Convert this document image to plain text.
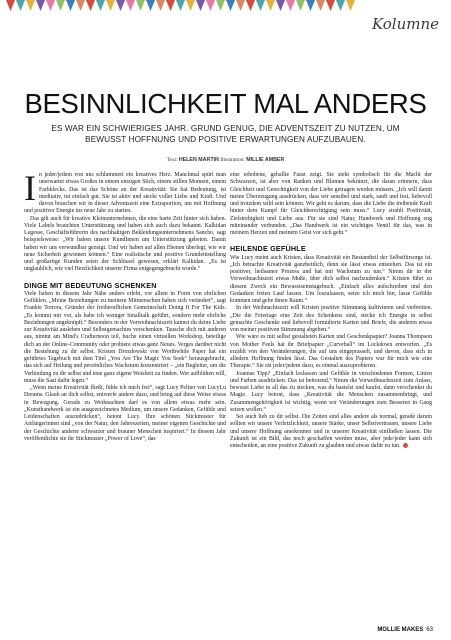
Kolumne
BESINNLICHKEIT MAL ANDERS
ES WAR EIN SCHWIERIGES JAHR. GRUND GENUG, DIE ADVENTSZEIT ZU NUTZEN, UM BEWUSST HOFFNUNG UND POSITIVE ERWARTUNGEN AUFZUBAUEN.
Text: HELEN MARTIN Illustration: MILLIE AMBER

In jeder/jedem von uns schlummert ein kreatives Herz. Manchmal spürt man unerwartet etwas Großes in einem einzigen Stich, einem stillen Moment, einem Farbklecks. Das ist das Schöne an der Kreativität: Sie hat Bedeutung, ist meditativ, tut einfach gut. Sie ist aktiv und steckt voller Liebe und Kraft. Und davon brauchen wir in dieser Adventszeit eine Extraportion, um mit Hoffnung und positiver Energie ins neue Jahr zu starten.

Das gilt auch für kreative Kleinunternehmen, die eine harte Zeit hinter sich haben. Viele Labels brauchten Unterstützung und haben sich auch dazu bekannt. Kalkidan Legesse, Geschäftsführerin des nachhaltigen Bekleidungsunternehmens Sancho, sagt beispielsweise: „Wir haben unsere KundInnen um Unterstützung gebeten. Damit haben wir uns verwundbar gezeigt. Und wir haben auf allen Ebenen überlegt, wie wir neue Sicherheit gewinnen können.“ Eine realistische und positive Grundeinstellung und großartige Kunden seien der Schlüssel gewesen, erklärt Kalkidan. „Es ist unglaublich, wie viel Herzlichkeit unserer Firma entgegengebracht wurde.“

DINGE MIT BEDEUTUNG SCHENKEN

Viele haben in diesem Jahr Nähe anders erlebt, vor allem in Form von ehrlichen Gefühlen. „Meine Beziehungen zu meinem Mitmenschen haben sich verändert“, sagt Frankie Tortora, Gründer der freiberuflichen Gemeinschaft Doing It For The Kids. „Es kommt mir vor, als habe ich weniger Smalltalk geführt, sondern mehr ehrliche Beziehungen angeknüpft.“ Besonders in der Vorweihnachtszeit kannst du deine Liebe zur Kreativität ausleben und Selbstgemachtes verschenken. Tausche dich mit anderen aus, nimmt am Mind's Crafternoon teil, buche einen virtuellen Workshop, beteilige dich an der Online-Community oder probiere etwas ganz Neues. Verges darüber nicht die Bestehung zu dir selbst. Kristen Drozdowski von Worthwhile Paper hat ein geführtes Tagebuch mit dem Titel „You Are The Magic You Seek“ herausgebracht, das sich auf Heilung und persönliches Wachstum konzentriert – „ein Begleiter, um die Verbindung zu dir selbst und eine ganz eigene Weisheit zu finden. Wer aufblühen will, muss die Saat dafür legen.“

„Wenn meine Kreativität fließt, fühle ich mich frei“, sagt Lucy Peltier von LucyLu Dreams. Glaub an dich selbst, entwerfe andere dazu, und bring auf diese Weise etwas in Bewegung. Gerade zu Weihnachten darf es von allem etwas mehr sein. „Kunsthandwerk ist ein ausgezeichnetes Medium, um unsere Gedanken, Gefühle und Leidenschaften auszudrücken“, betont Lucy. Ihre schönen Stickmuster für Anfängerinnen sind „von der Natur, den Jahreszeiten, meiner eigenen Geschichte und der Geschichte anderer schwarzer und brauner Menschen inspiriert.“ In diesem Jahr veröffentlichte sie ihr Stickmuster „Power of Love“, das

eine erhobene, geballte Faust zeigt. Sie steht symbolisch für die Macht der Schwarzen, ist aber von Ranken und Blumen bekränzt, die daran erinnern, dass Gleichheit und Gerechtigkeit von der Liebe getragen werden müssen. „Ich will damit meine Überzeugung ausdrücken, dass wir sensibel und stark, sanft und fest, liebevoll und trotzdem wild sein können. Wir geht es darum, dass die Liebe die treibende Kraft hinter dem Kampf für Gleichberechtigung sein muss.“ Lucy strahlt Positivität, Zielstrebigkeit und Liebe aus. Für sie sind Natur, Handwerk und Hoffnung eng miteinander verbunden. „Das Handwerk ist ein wichtiges Ventil für das, was in meinem Herzen und meinem Geist vor sich geht.“

HEILENDE GEFÜHLE

Wie Lucy meint auch Kristen, dass Kreativität ein Bestandteil der Selbstfürsorge ist. „Ich betrachte Kreativität ganzheitlich, denn sie lässt etwas entstehen. Das ist ein positiver, heilsamer Prozess und hat mit Wachstum zu tun.“ Nimm dir in der Vorweihnachtszeit etwas Muße, über dich selbst nachzudenken.“ Kristen führt zu diesem Zweck ein Bewusstseinstagebuch. „Einfach alles aufschreiben und den Gedanken freien Lauf lassen. Um loszulassen, setze ich mich hin, lasse Gefühle kommen und gebe ihnen Raum.“

In der Weihnachtszeit will Kristen positive Stimmung kultivieren und verbreiten. „Die die Feiertage eine Zeit des Schenkens sind, stecke ich Energie in selbst gemachte Geschenke und liebevoll formulierte Karten und Briefe, die anderen etwas von meiner positiven Stimmung abgeben.“

Wie wäre es mit selbst gestalteten Karten und Geschenkpapier? Joanna Thompson von Mother Feels hat ihr Briefpapier „Curveball“ im Lockdown entworfen. „Es erzählt von den Veränderungen, die auf uns eingeprasselt, und davon, dass sich in alledem Hoffnung finden lässt. Das Gestalten des Papiers war für mich wie eine Therapie.“ Sie rät jeder/jedem dazu, es einmal auszuprobieren.

Joannas Tipp? „Einfach loslassen und Gefühle in verschiedenen Formen, Linien und Farben ausdrücken. Das ist befreiend.“ Nimm die Vorweihnachtszeit zum Anlass, bewusst Liebe in all das zu stecken, was du bastelst und kaufst, dann verschenkst du Magie. Lucy betont, dass „Kreativität die Menschen zusammenbringt, und Zusammengehörigkeit ist wichtig, wenn wir Veränderungen zum Besseren in Gang setzen wollen.“

Sei auch lieb zu dir selbst. Die Zeiten sind alles andere als normal, gerade darum sollten wir unsere Verletzlichkeit, unsere Stärke, unser Selbstvertrauen, unsere Liebe und unsere Hoffnung anerkennen und in unserer Kreativität einfließen lassen. Die Zukunft ist ein Bild, das noch geschaffen werden muss, aber jede/jeder kann sich entscheiden, an eine positive Zukunft zu glauben und etwas dafür zu tun.

MOLLIE MAKES 63
